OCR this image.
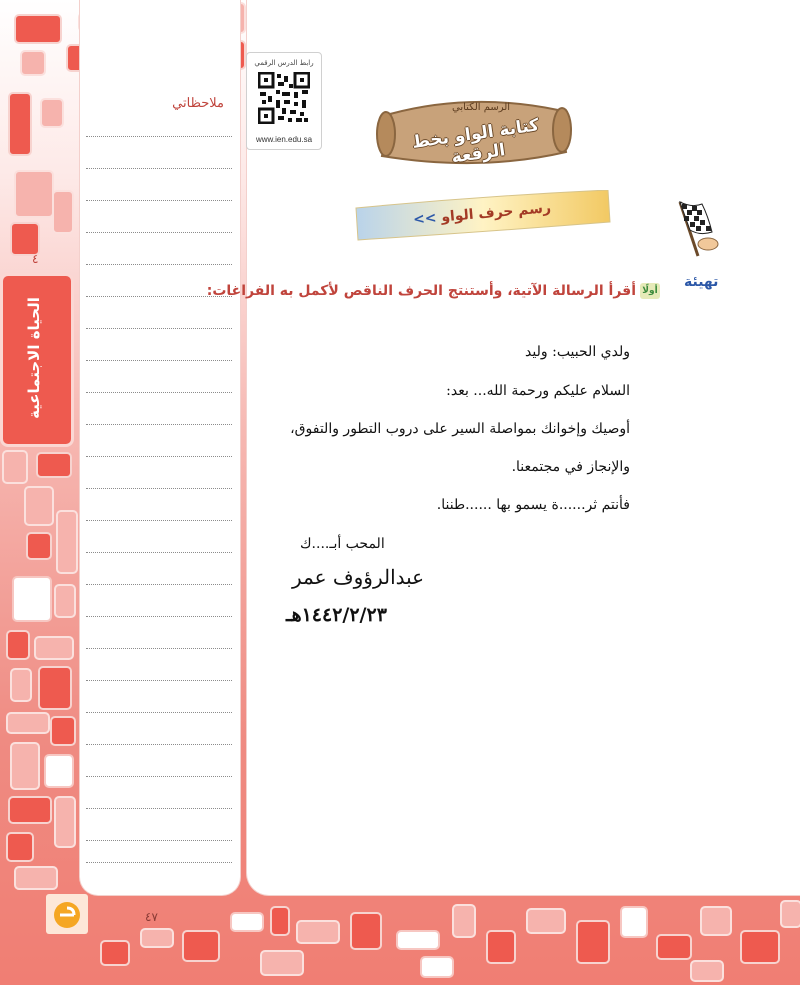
٤
الحياة الاجتماعية
ملاحظاتي
رابط الدرس الرقمي
www.ien.edu.sa
الرسم الكتابي
كتابة الواو بخط الرقعة
رسم حرف الواو >>
تهيئة
أولًا
أقرأ الرسالة الآتية، وأستنتج الحرف الناقص لأكمل به الفراغات:
ولدي الحبيب: وليد
السلام عليكم ورحمة الله... بعد:
أوصيك وإخوانك بمواصلة السير على دروب التطور والتفوق،
والإنجاز في مجتمعنا.
فأنتم ثر......ة يسمو بها ......طننا.
المحب أبـ....ك
عبدالرؤوف عمر
١٤٤٢/٢/٢٣هـ
٤٧
